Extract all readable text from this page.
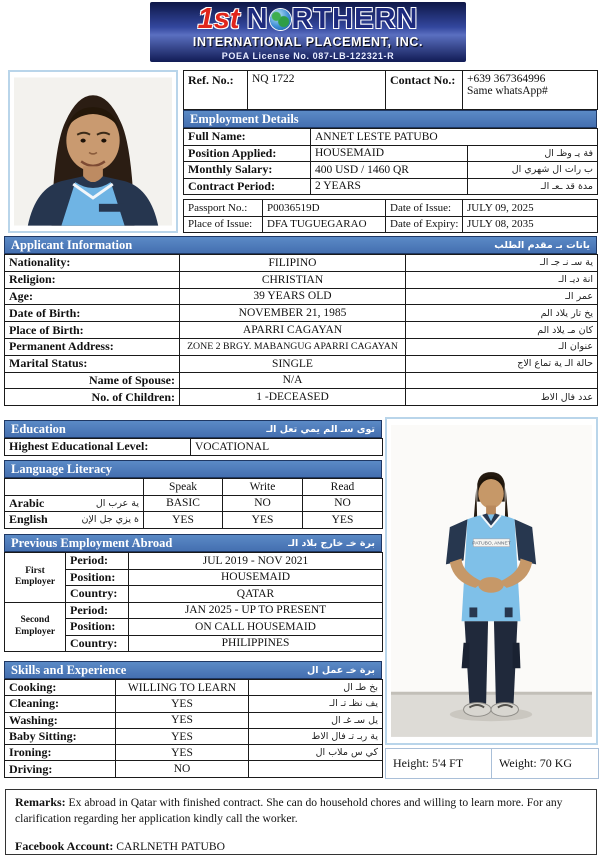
1st N RTHERN
INTERNATIONAL PLACEMENT, INC.
POEA License No. 087-LB-122321-R
Ref. No.:	NQ 1722	Contact No.:	+639 367364996
Same whatsApp#
Employment Details
Full Name:	ANNET LESTE PATUBO	
Position Applied:	HOUSEMAID	فة يـ وظـ ال
Monthly Salary:	400 USD / 1460 QR	ب رات ال شهري ال
Contract Period:	2 YEARS	مدة قد ـعـ الـ
Passport No.:	P0036519D	Date of Issue:	JULY 09, 2025
Place of Issue:	DFA TUGUEGARAO	Date of Expiry:	JULY 08, 2035
Applicant Information	يانات بـ مقدم الطلب
Nationality:	FILIPINO	ية سـ نـ جـ الـ
Religion:	CHRISTIAN	انة ديـ الـ
Age:	39 YEARS OLD	عمر الـ
Date of Birth:	NOVEMBER 21, 1985	يخ تار يلاد الم
Place of Birth:	APARRI CAGAYAN	كان مـ يلاد الم
Permanent Address:	ZONE 2 BRGY. MABANGUG APARRI CAGAYAN	عنوان الـ
Marital Status:	SINGLE	حالة الـ ية تماع الاج
Name of Spouse:	N/A	
No. of Children:	1 -DECEASED	عدد فال الاط
Education	توى سـ الم يمي تعل الـ
Highest Educational Level:	VOCATIONAL
Language Literacy
	Speak	Write	Read

Arabic ية عرب ال	BASIC	NO	NO

English ة يزي جل الإن	YES	YES	YES
Previous Employment Abroad	برة خـ خارج بلاد الـ
First Employer	Period:	JUL 2019 - NOV 2021
	Position:	HOUSEMAID
	Country:	QATAR
Second Employer	Period:	JAN 2025 - UP TO PRESENT
	Position:	ON CALL HOUSEMAID
	Country:	PHILIPPINES
Skills and Experience	برة خـ عمل ال
Cooking:	WILLING TO LEARN	بخ طـ ال
Cleaning:	YES	يف نظـ تـ الـ
Washing:	YES	يل سـ غـ ال
Baby Sitting:	YES	ية ربـ تـ فال الاط
Ironing:	YES	كي س ملاب ال
Driving:	NO	
PATUBO, ANNET
Height: 5'4 FT	Weight: 70 KG
Remarks: Ex abroad in Qatar with finished contract. She can do household chores and willing to learn more. For any clarification regarding her application kindly call the worker.
Facebook Account: CARLNETH PATUBO
